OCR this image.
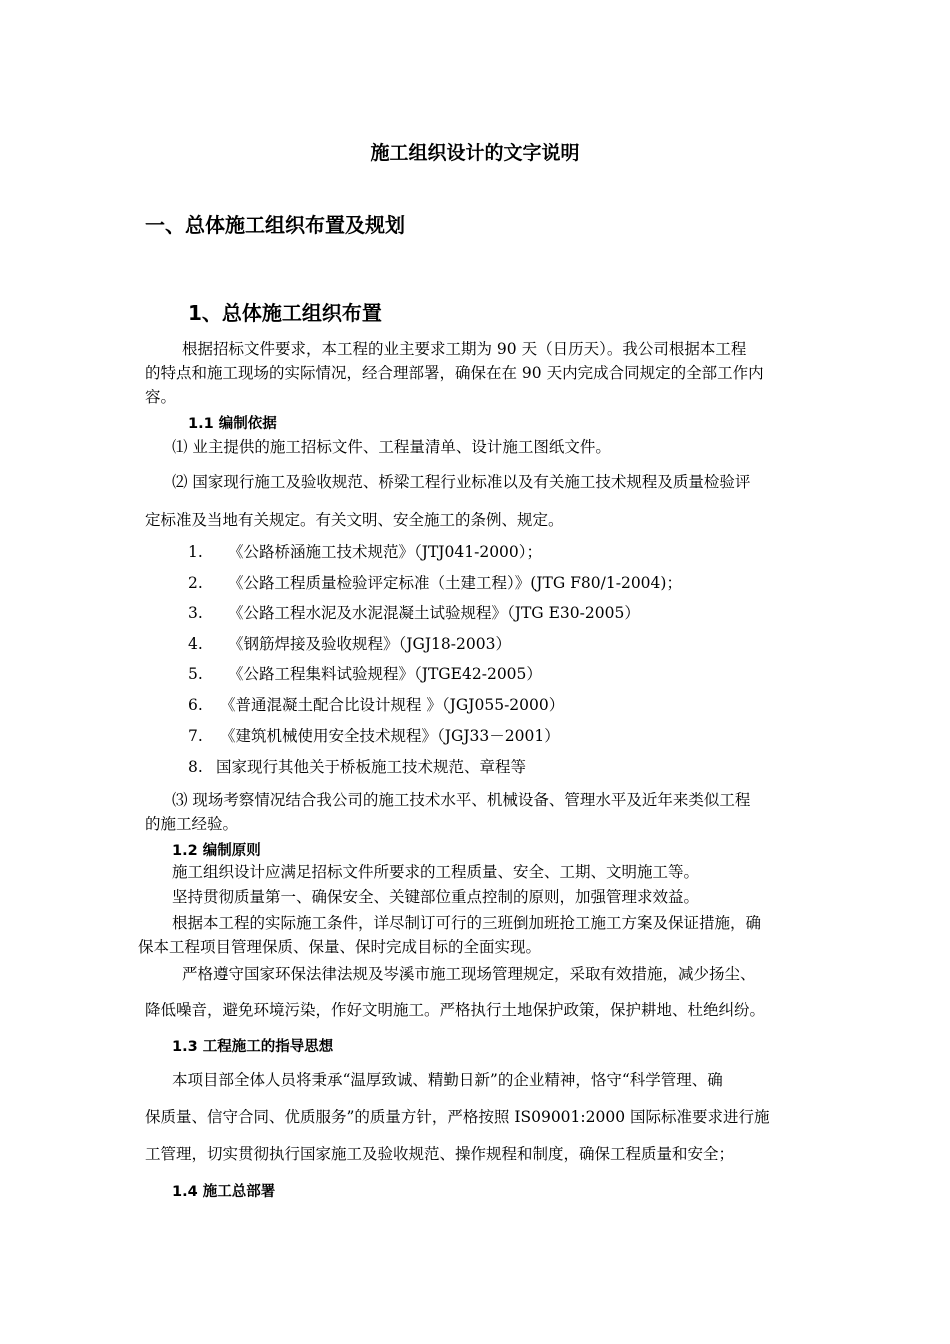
施工组织设计的文字说明
一、总体施工组织布置及规划
1、总体施工组织布置
根据招标文件要求，本工程的业主要求工期为 90 天（日历天）。我公司根据本工程
的特点和施工现场的实际情况，经合理部署，确保在在 90 天内完成合同规定的全部工作内
容。
1.1 编制依据
⑴ 业主提供的施工招标文件、工程量清单、设计施工图纸文件。
⑵ 国家现行施工及验收规范、桥梁工程行业标准以及有关施工技术规程及质量检验评
定标准及当地有关规定。有关文明、安全施工的条例、规定。
1. 《公路桥涵施工技术规范》（JTJ041-2000）；
2. 《公路工程质量检验评定标准（土建工程）》(JTG F80/1-2004)；
3. 《公路工程水泥及水泥混凝土试验规程》（JTG E30-2005）
4. 《钢筋焊接及验收规程》（JGJ18-2003）
5. 《公路工程集料试验规程》（JTGE42-2005）
6. 《普通混凝土配合比设计规程 》（JGJ055-2000）
7. 《建筑机械使用安全技术规程》（JGJ33－2001）
8. 国家现行其他关于桥板施工技术规范、章程等
⑶ 现场考察情况结合我公司的施工技术水平、机械设备、管理水平及近年来类似工程
的施工经验。
1.2 编制原则
施工组织设计应满足招标文件所要求的工程质量、安全、工期、文明施工等。
坚持贯彻质量第一、确保安全、关键部位重点控制的原则，加强管理求效益。
根据本工程的实际施工条件，详尽制订可行的三班倒加班抢工施工方案及保证措施，确
保本工程项目管理保质、保量、保时完成目标的全面实现。
严格遵守国家环保法律法规及岑溪市施工现场管理规定，采取有效措施，减少扬尘、
降低噪音，避免环境污染，作好文明施工。严格执行土地保护政策，保护耕地、杜绝纠纷。
1.3 工程施工的指导思想
本项目部全体人员将秉承“温厚致诚、精勤日新”的企业精神，恪守“科学管理、确
保质量、信守合同、优质服务”的质量方针，严格按照 IS09001:2000 国际标准要求进行施
工管理，切实贯彻执行国家施工及验收规范、操作规程和制度，确保工程质量和安全；
1.4 施工总部署
